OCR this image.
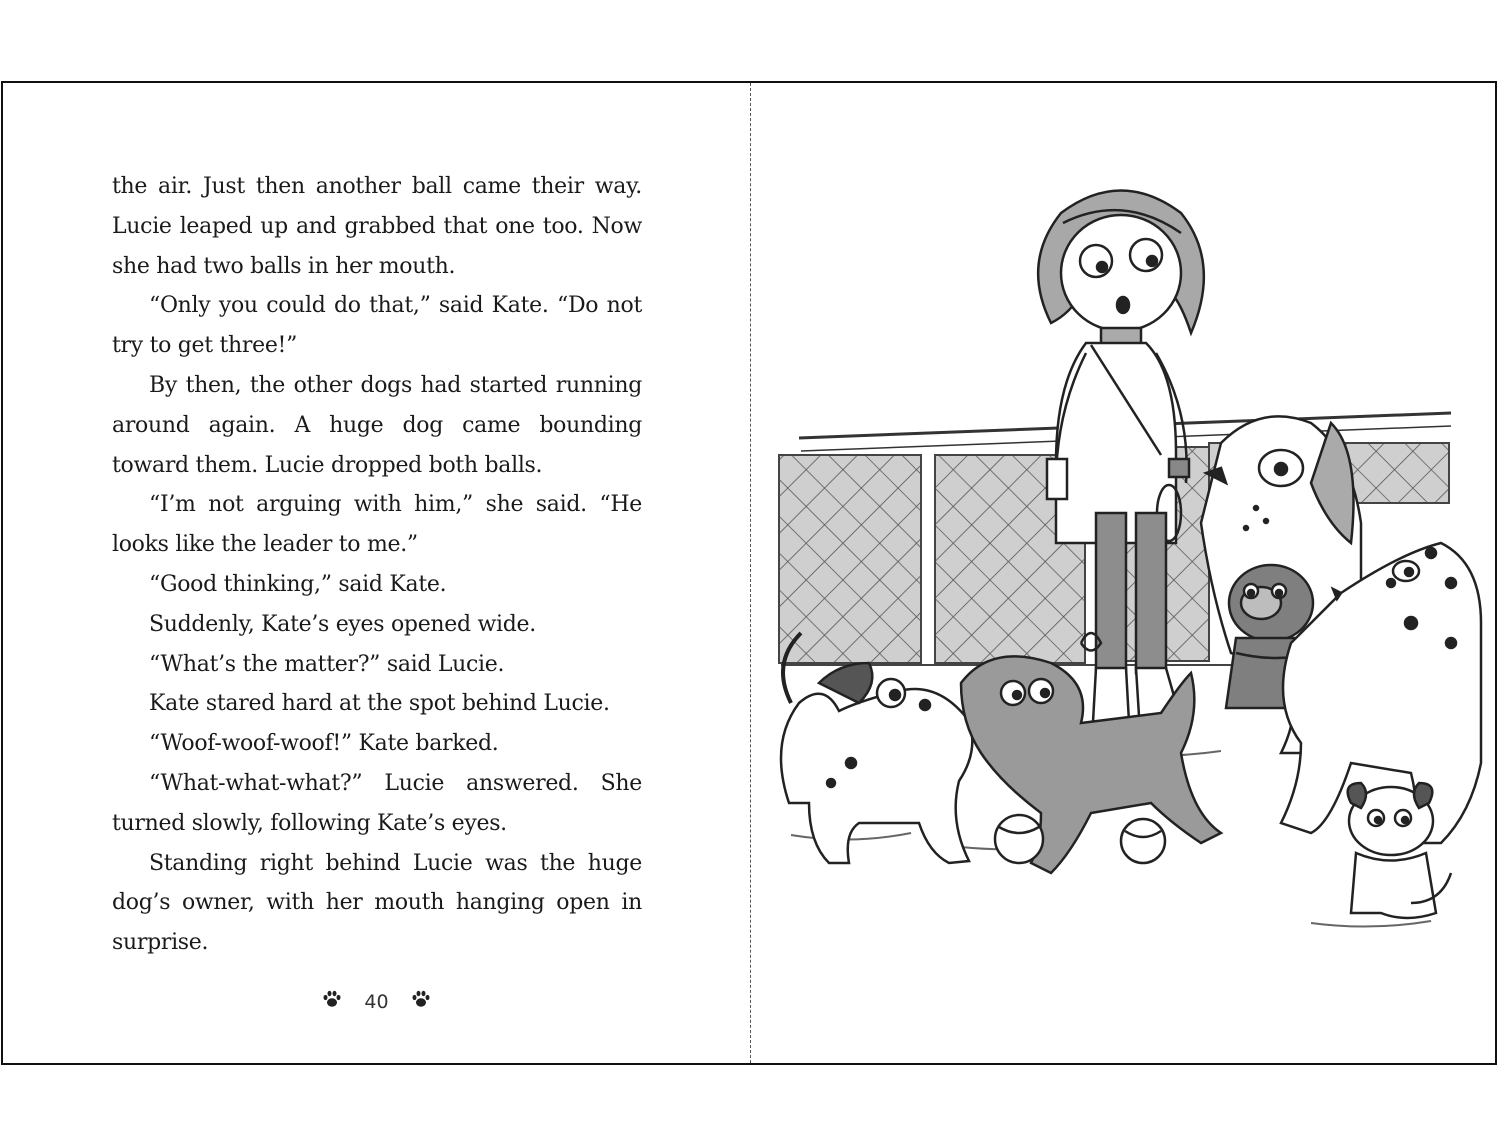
the air. Just then another ball came their way. Lucie leaped up and grabbed that one too. Now she had two balls in her mouth.

“Only you could do that,” said Kate. “Do not try to get three!”

By then, the other dogs had started running around again. A huge dog came bounding toward them. Lucie dropped both balls.

“I’m not arguing with him,” she said. “He looks like the leader to me.”

“Good thinking,” said Kate.

Suddenly, Kate’s eyes opened wide.

“What’s the matter?” said Lucie.

Kate stared hard at the spot behind Lucie.

“Woof-woof-woof!” Kate barked.

“What-what-what?” Lucie answered. She turned slowly, following Kate’s eyes.

Standing right behind Lucie was the huge dog’s owner, with her mouth hanging open in surprise.

40
